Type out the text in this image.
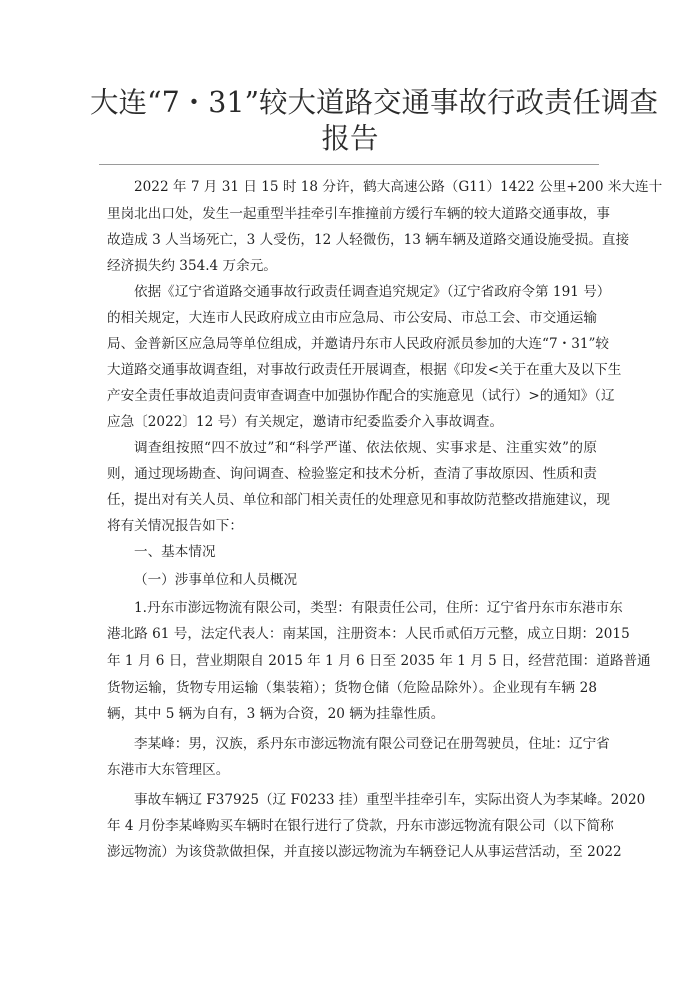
大连“7・31”较大道路交通事故行政责任调查
报告
2022 年 7 月 31 日 15 时 18 分许，鹤大高速公路（G11）1422 公里+200 米大连十
里岗北出口处，发生一起重型半挂牵引车推撞前方缓行车辆的较大道路交通事故，事
故造成 3 人当场死亡，3 人受伤，12 人轻微伤，13 辆车辆及道路交通设施受损。直接
经济损失约 354.4 万余元。
依据《辽宁省道路交通事故行政责任调查追究规定》（辽宁省政府令第 191 号）
的相关规定，大连市人民政府成立由市应急局、市公安局、市总工会、市交通运输
局、金普新区应急局等单位组成，并邀请丹东市人民政府派员参加的大连“7・31”较
大道路交通事故调查组，对事故行政责任开展调查，根据《印发<关于在重大及以下生
产安全责任事故追责问责审查调查中加强协作配合的实施意见（试行）>的通知》（辽
应急〔2022〕12 号）有关规定，邀请市纪委监委介入事故调查。
调查组按照“四不放过”和“科学严谨、依法依规、实事求是、注重实效”的原
则，通过现场勘查、询问调查、检验鉴定和技术分析，查清了事故原因、性质和责
任，提出对有关人员、单位和部门相关责任的处理意见和事故防范整改措施建议，现
将有关情况报告如下：
一、基本情况
（一）涉事单位和人员概况
1.丹东市澎远物流有限公司，类型：有限责任公司，住所：辽宁省丹东市东港市东
港北路 61 号，法定代表人：南某国，注册资本：人民币贰佰万元整，成立日期：2015
年 1 月 6 日，营业期限自 2015 年 1 月 6 日至 2035 年 1 月 5 日，经营范围：道路普通
货物运输，货物专用运输（集装箱）；货物仓储（危险品除外）。企业现有车辆 28
辆，其中 5 辆为自有，3 辆为合资，20 辆为挂靠性质。
李某峰：男，汉族，系丹东市澎远物流有限公司登记在册驾驶员，住址：辽宁省
东港市大东管理区。
事故车辆辽 F37925（辽 F0233 挂）重型半挂牵引车，实际出资人为李某峰。2020
年 4 月份李某峰购买车辆时在银行进行了贷款，丹东市澎远物流有限公司（以下简称
澎远物流）为该贷款做担保，并直接以澎远物流为车辆登记人从事运营活动，至 2022
